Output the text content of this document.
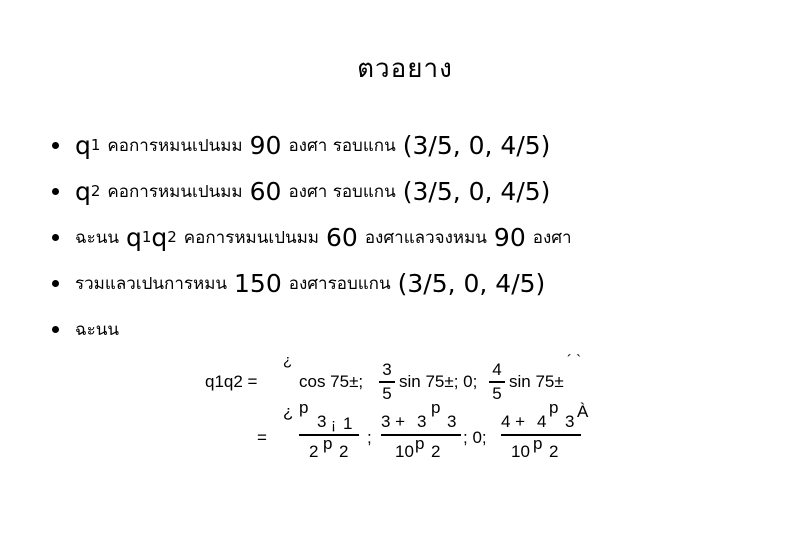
ตวอยาง
q 1 คอการหมนเปนมม 90 องศา รอบแกน (3/5, 0, 4/5)
q 2 คอการหมนเปนมม 60 องศา รอบแกน (3/5, 0, 4/5)
ฉะนน q 1 q 2 คอการหมนเปนมม 60 องศาแลวจงหมน 90 องศา
รวมแลวเปนการหมน 150 องศารอบแกน (3/5, 0, 4/5)
ฉะนน
q1q2 =
¿
cos 75±;
3
5
sin 75±; 0;
4
5
sin 75±
´ `
=
¿ p
3 ¡ 1
2 p 2
;
3 +
p
3 3
10 p 2
; 0;
4 + 4
p
3
10 p 2
À
